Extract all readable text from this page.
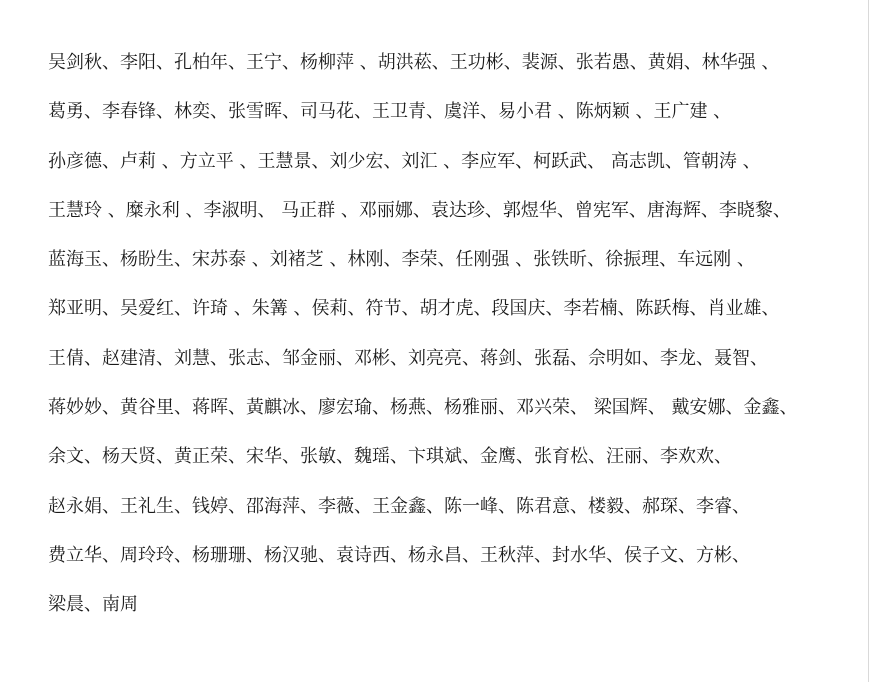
吴剑秋、李阳、孔柏年、王宁、杨柳萍 、胡洪菘、王功彬、裴源、张若愚、黄娟、林华强 、
葛勇、李春锋、林奕、张雪晖、司马花、王卫青、虞洋、易小君 、陈炳颖 、王广建 、
孙彦德、卢莉 、方立平 、王慧景、刘少宏、刘汇 、李应军、柯跃武、 高志凯、管朝涛 、
王慧玲 、糜永利 、李淑明、 马正群 、邓丽娜、袁达珍、郭煜华、曾宪军、唐海辉、李晓黎、
蓝海玉、杨盼生、宋苏泰 、刘褚芝 、林刚、李荣、任刚强 、张铁昕、徐振理、车远刚 、
郑亚明、吴爱红、许琦 、朱篝 、侯莉、符节、胡才虎、段国庆、李若楠、陈跃梅、肖业雄、
王倩、赵建清、刘慧、张志、邹金丽、邓彬、刘亮亮、蒋剑、张磊、佘明如、李龙、聂智、
蒋妙妙、黄谷里、蒋晖、黃麒冰、廖宏瑜、杨燕、杨雅丽、邓兴荣、 梁国辉、 戴安娜、金鑫、
余文、杨天贤、黄正荣、宋华、张敏、魏瑶、卞琪斌、金鹰、张育松、汪丽、李欢欢、
赵永娟、王礼生、钱婷、邵海萍、李薇、王金鑫、陈一峰、陈君意、楼毅、郝琛、李睿、
费立华、周玲玲、杨珊珊、杨汉驰、袁诗西、杨永昌、王秋萍、封水华、侯子文、方彬、
梁晨、南周
